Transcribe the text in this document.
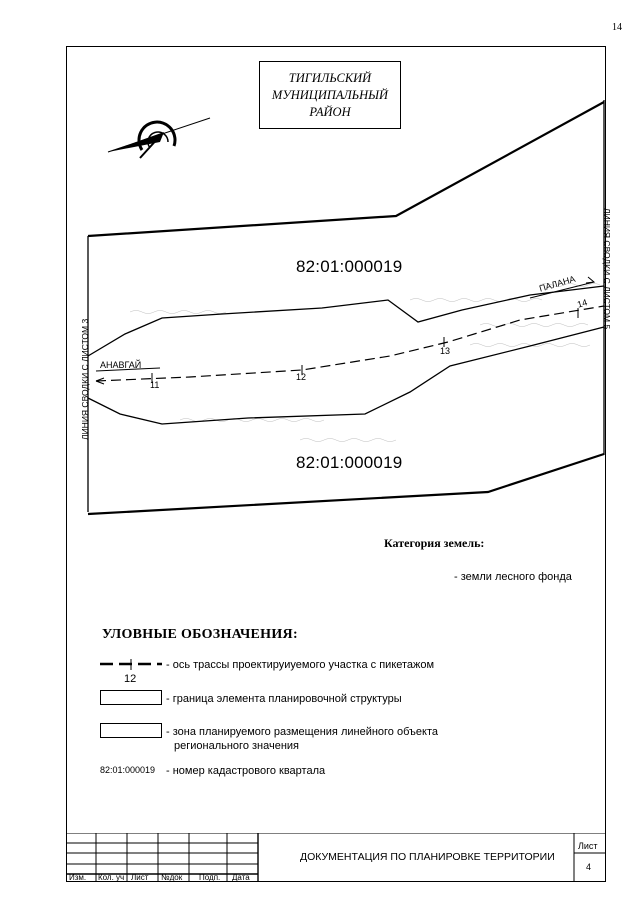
14
ТИГИЛЬСКИЙ
МУНИЦИПАЛЬНЫЙ
РАЙОН
82:01:000019
82:01:000019
АНАВГАЙ
ПАЛАНА
11
12
13
14
ЛИНИЯ СВОДКИ С ЛИСТОМ 3
ЛИНИЯ СВОДКИ С ЛИСТОМ 5
Категория земель:
- земли лесного фонда
УЛОВНЫЕ ОБОЗНАЧЕНИЯ:
12
- ось трассы проектируиуемого участка с пикетажом
- граница элемента планировочной структуры
- зона планируемого размещения линейного объекта
регионального значения
82:01:000019 - номер кадастрового квартала
Изм. Кол. уч Лист №док Подп. Дата
ДОКУМЕНТАЦИЯ ПО ПЛАНИРОВКЕ ТЕРРИТОРИИ
Лист
4
